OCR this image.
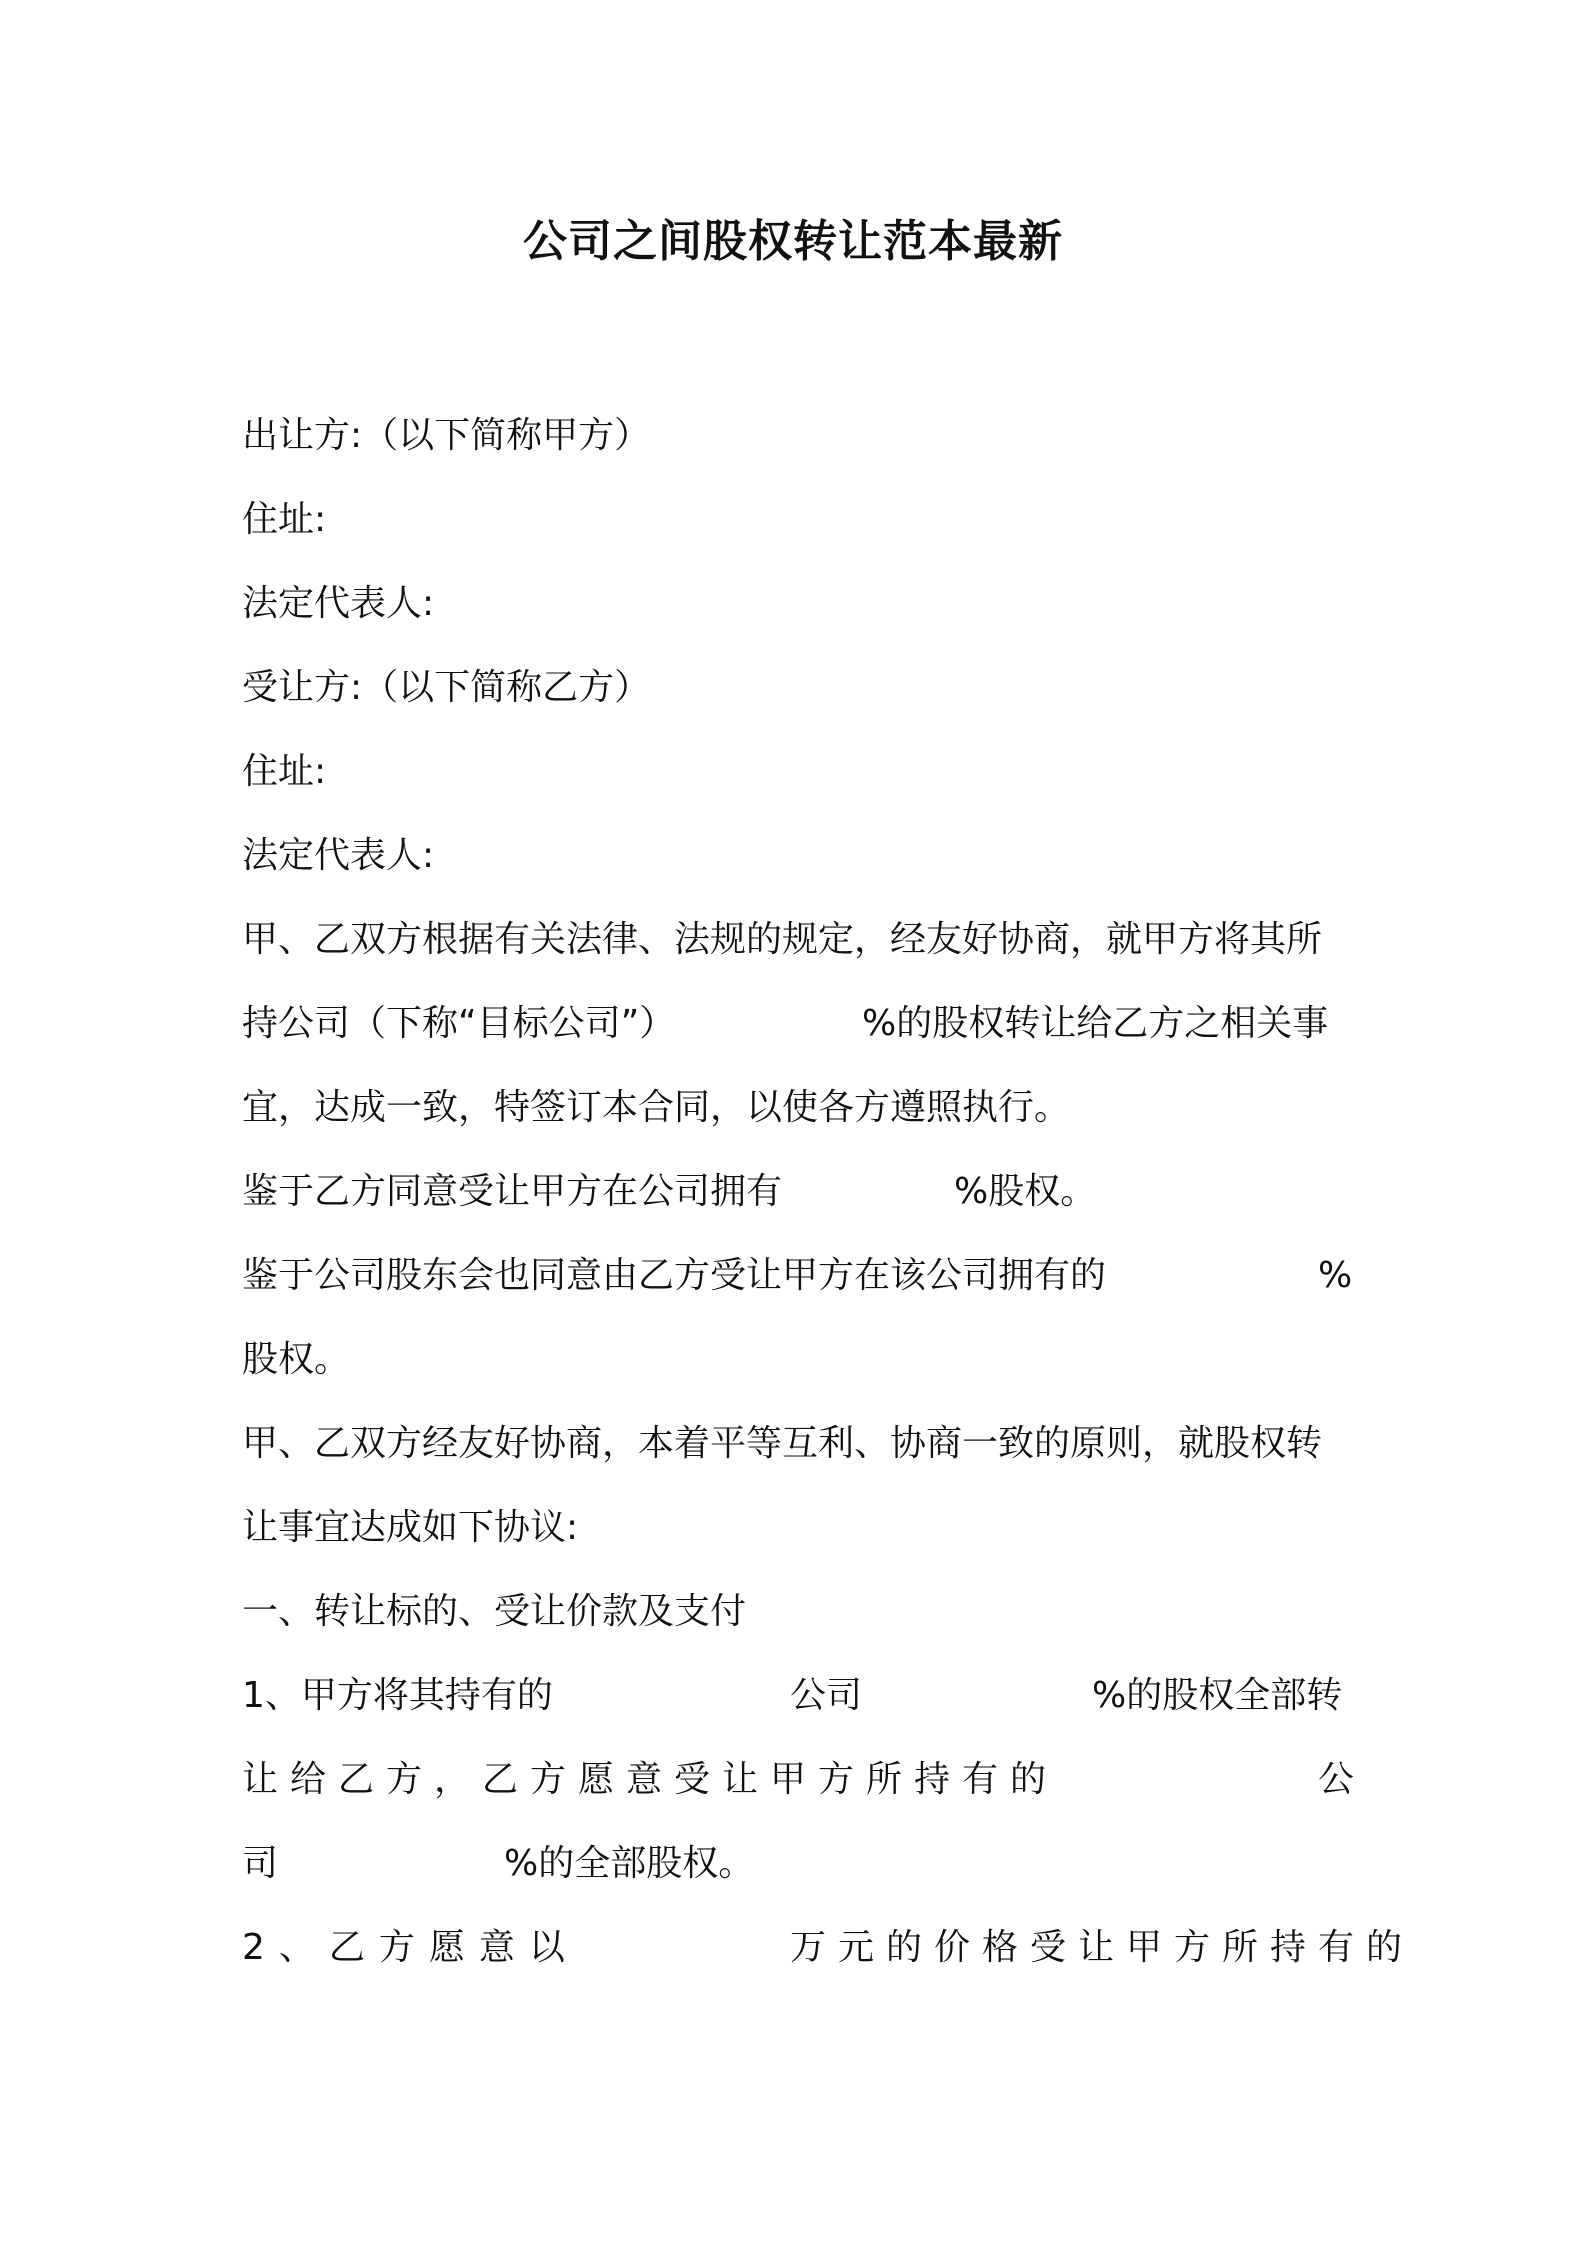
公司之间股权转让范本最新
出让方:（以下简称甲方）
住址:
法定代表人:
受让方:（以下简称乙方）
住址:
法定代表人:
甲、乙双方根据有关法律、法规的规定，经友好协商，就甲方将其所
持公司（下称“目标公司”）	%的股权转让给乙方之相关事
宜，达成一致，特签订本合同，以使各方遵照执行。
鉴于乙方同意受让甲方在公司拥有	%股权。
鉴于公司股东会也同意由乙方受让甲方在该公司拥有的	%
股权。
甲、乙双方经友好协商，本着平等互利、协商一致的原则，就股权转
让事宜达成如下协议:
一、转让标的、受让价款及支付
1、甲方将其持有的	公司	%的股权全部转
让给乙方，乙方愿意受让甲方所持有的	公
司	%的全部股权。
2、乙方愿意以	万元的价格受让甲方所持有的
